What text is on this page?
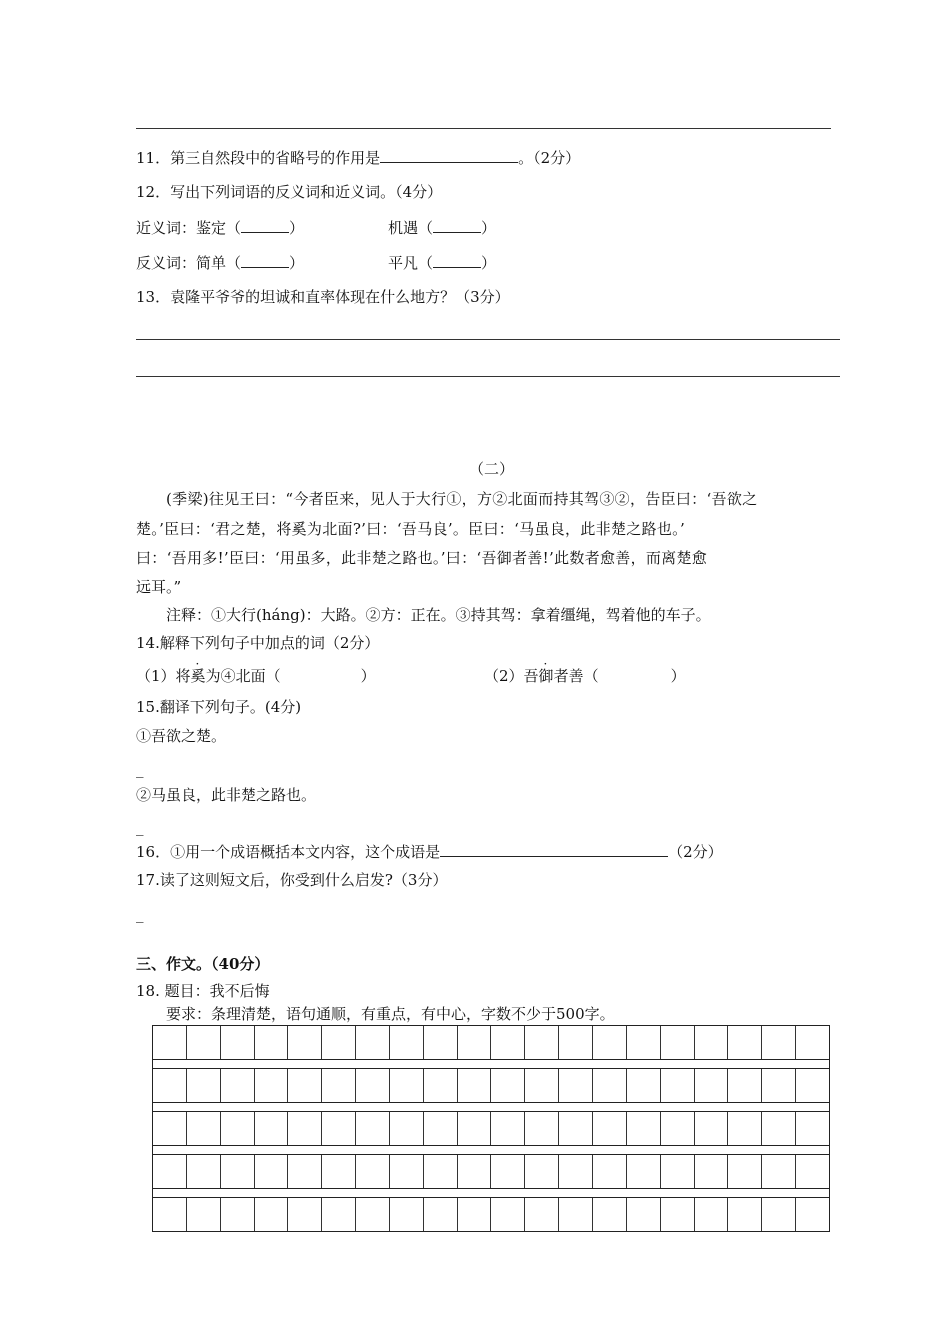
11．第三自然段中的省略号的作用是	。（2分）
12．写出下列词语的反义词和近义词。（4分）
近义词：鉴定（	）	机遇（	）
反义词：简单（	）	平凡（	）
13．袁隆平爷爷的坦诚和直率体现在什么地方？（3分）
（二）
(季梁)往见王曰：“今者臣来，见人于大行①，方②北面而持其驾③②，告臣曰：‘吾欲之
楚。’臣曰：‘君之楚，将奚为北面?’曰：‘吾马良’。臣曰：‘马虽良，此非楚之路也。’
曰：‘吾用多!’臣曰：‘用虽多，此非楚之路也。’曰：‘吾御者善!’此数者愈善，而离楚愈
远耳。”
注释：①大行(háng)：大路。②方：正在。③持其驾：拿着缰绳，驾着他的车子。
14.解释下列句子中加点的词（2分）
（1）将奚为④北面（	）	（2）吾御者善（	）
15.翻译下列句子。(4分)
①吾欲之楚。
_
②马虽良，此非楚之路也。
_
16．①用一个成语概括本文内容，这个成语是	（2分）
17.读了这则短文后，你受到什么启发?（3分）
_
三、作文。（40分）
18. 题目：我不后悔
要求：条理清楚，语句通顺，有重点，有中心，字数不少于500字。
